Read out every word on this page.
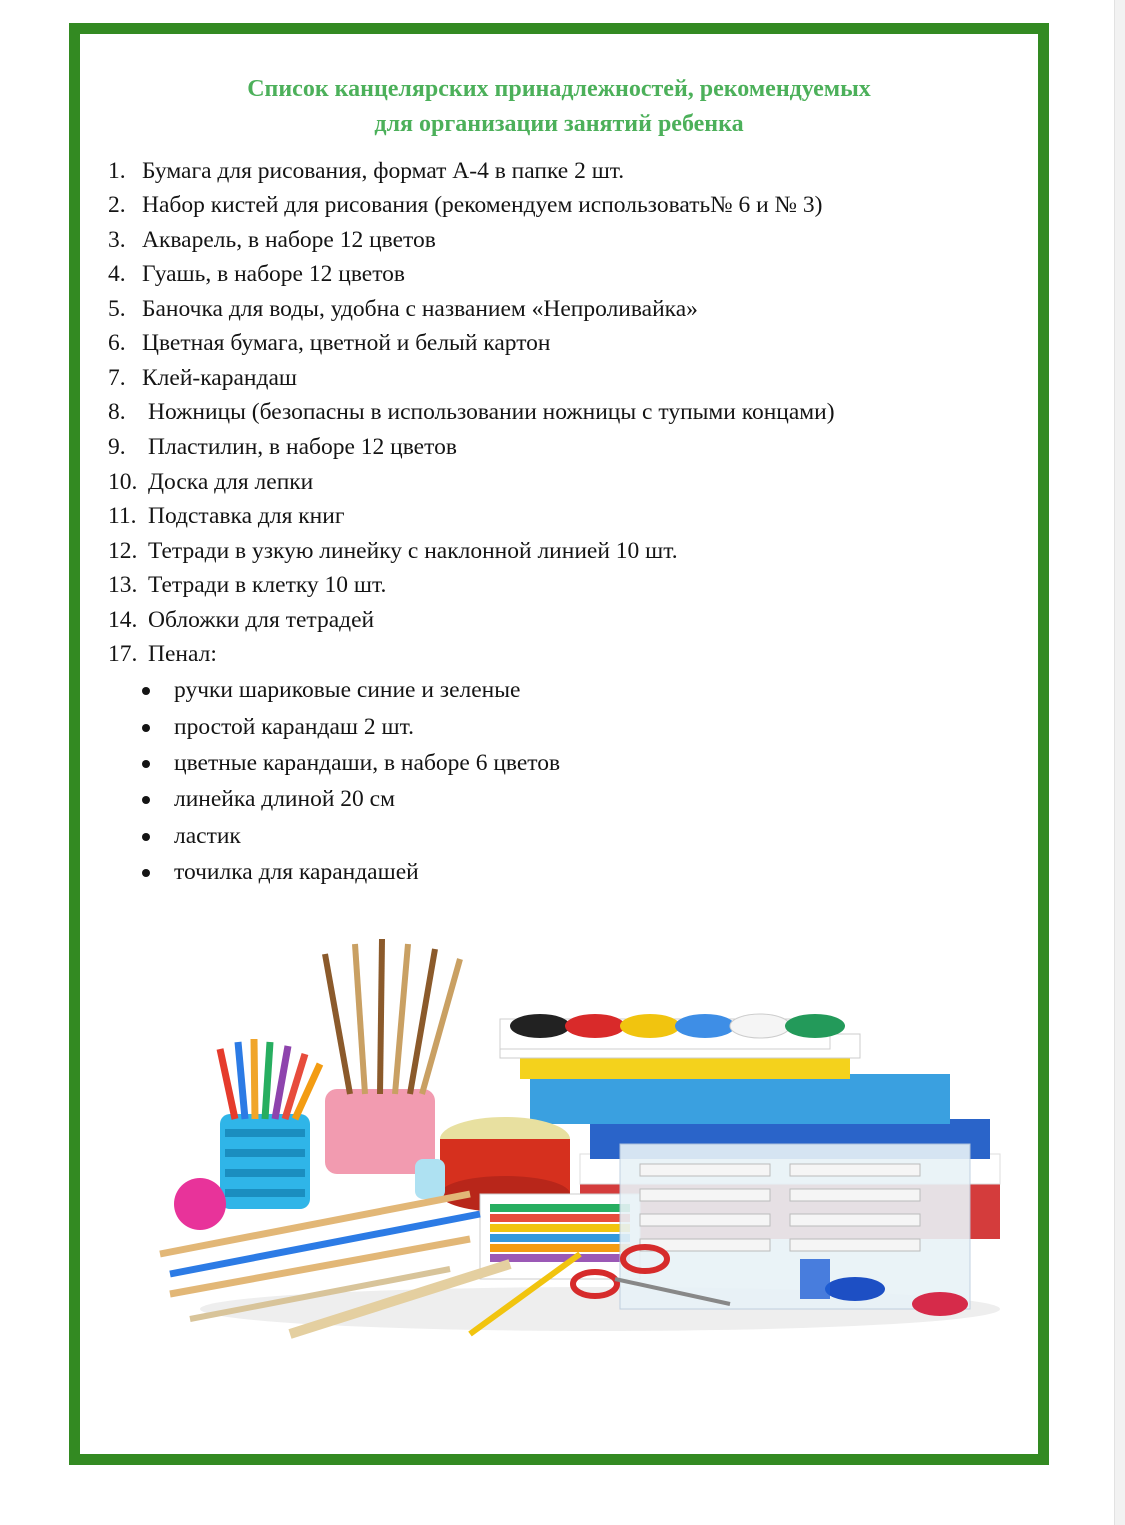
Список канцелярских принадлежностей, рекомендуемых
для организации занятий ребенка
1. Бумага для рисования, формат А-4 в папке 2 шт.
2. Набор кистей для рисования (рекомендуем использовать№ 6 и № 3)
3. Акварель, в наборе 12 цветов
4. Гуашь, в наборе 12 цветов
5. Баночка для воды, удобна с названием «Непроливайка»
6. Цветная бумага, цветной и белый картон
7. Клей-карандаш
8. Ножницы (безопасны в использовании ножницы с тупыми концами)
9. Пластилин, в наборе 12 цветов
10. Доска для лепки
11. Подставка для книг
12. Тетради в узкую линейку с наклонной линией 10 шт.
13. Тетради в клетку 10 шт.
14. Обложки для тетрадей
17. Пенал:
ручки шариковые синие и зеленые
простой карандаш 2 шт.
цветные карандаши, в наборе 6 цветов
линейка длиной 20 см
ластик
точилка для карандашей
